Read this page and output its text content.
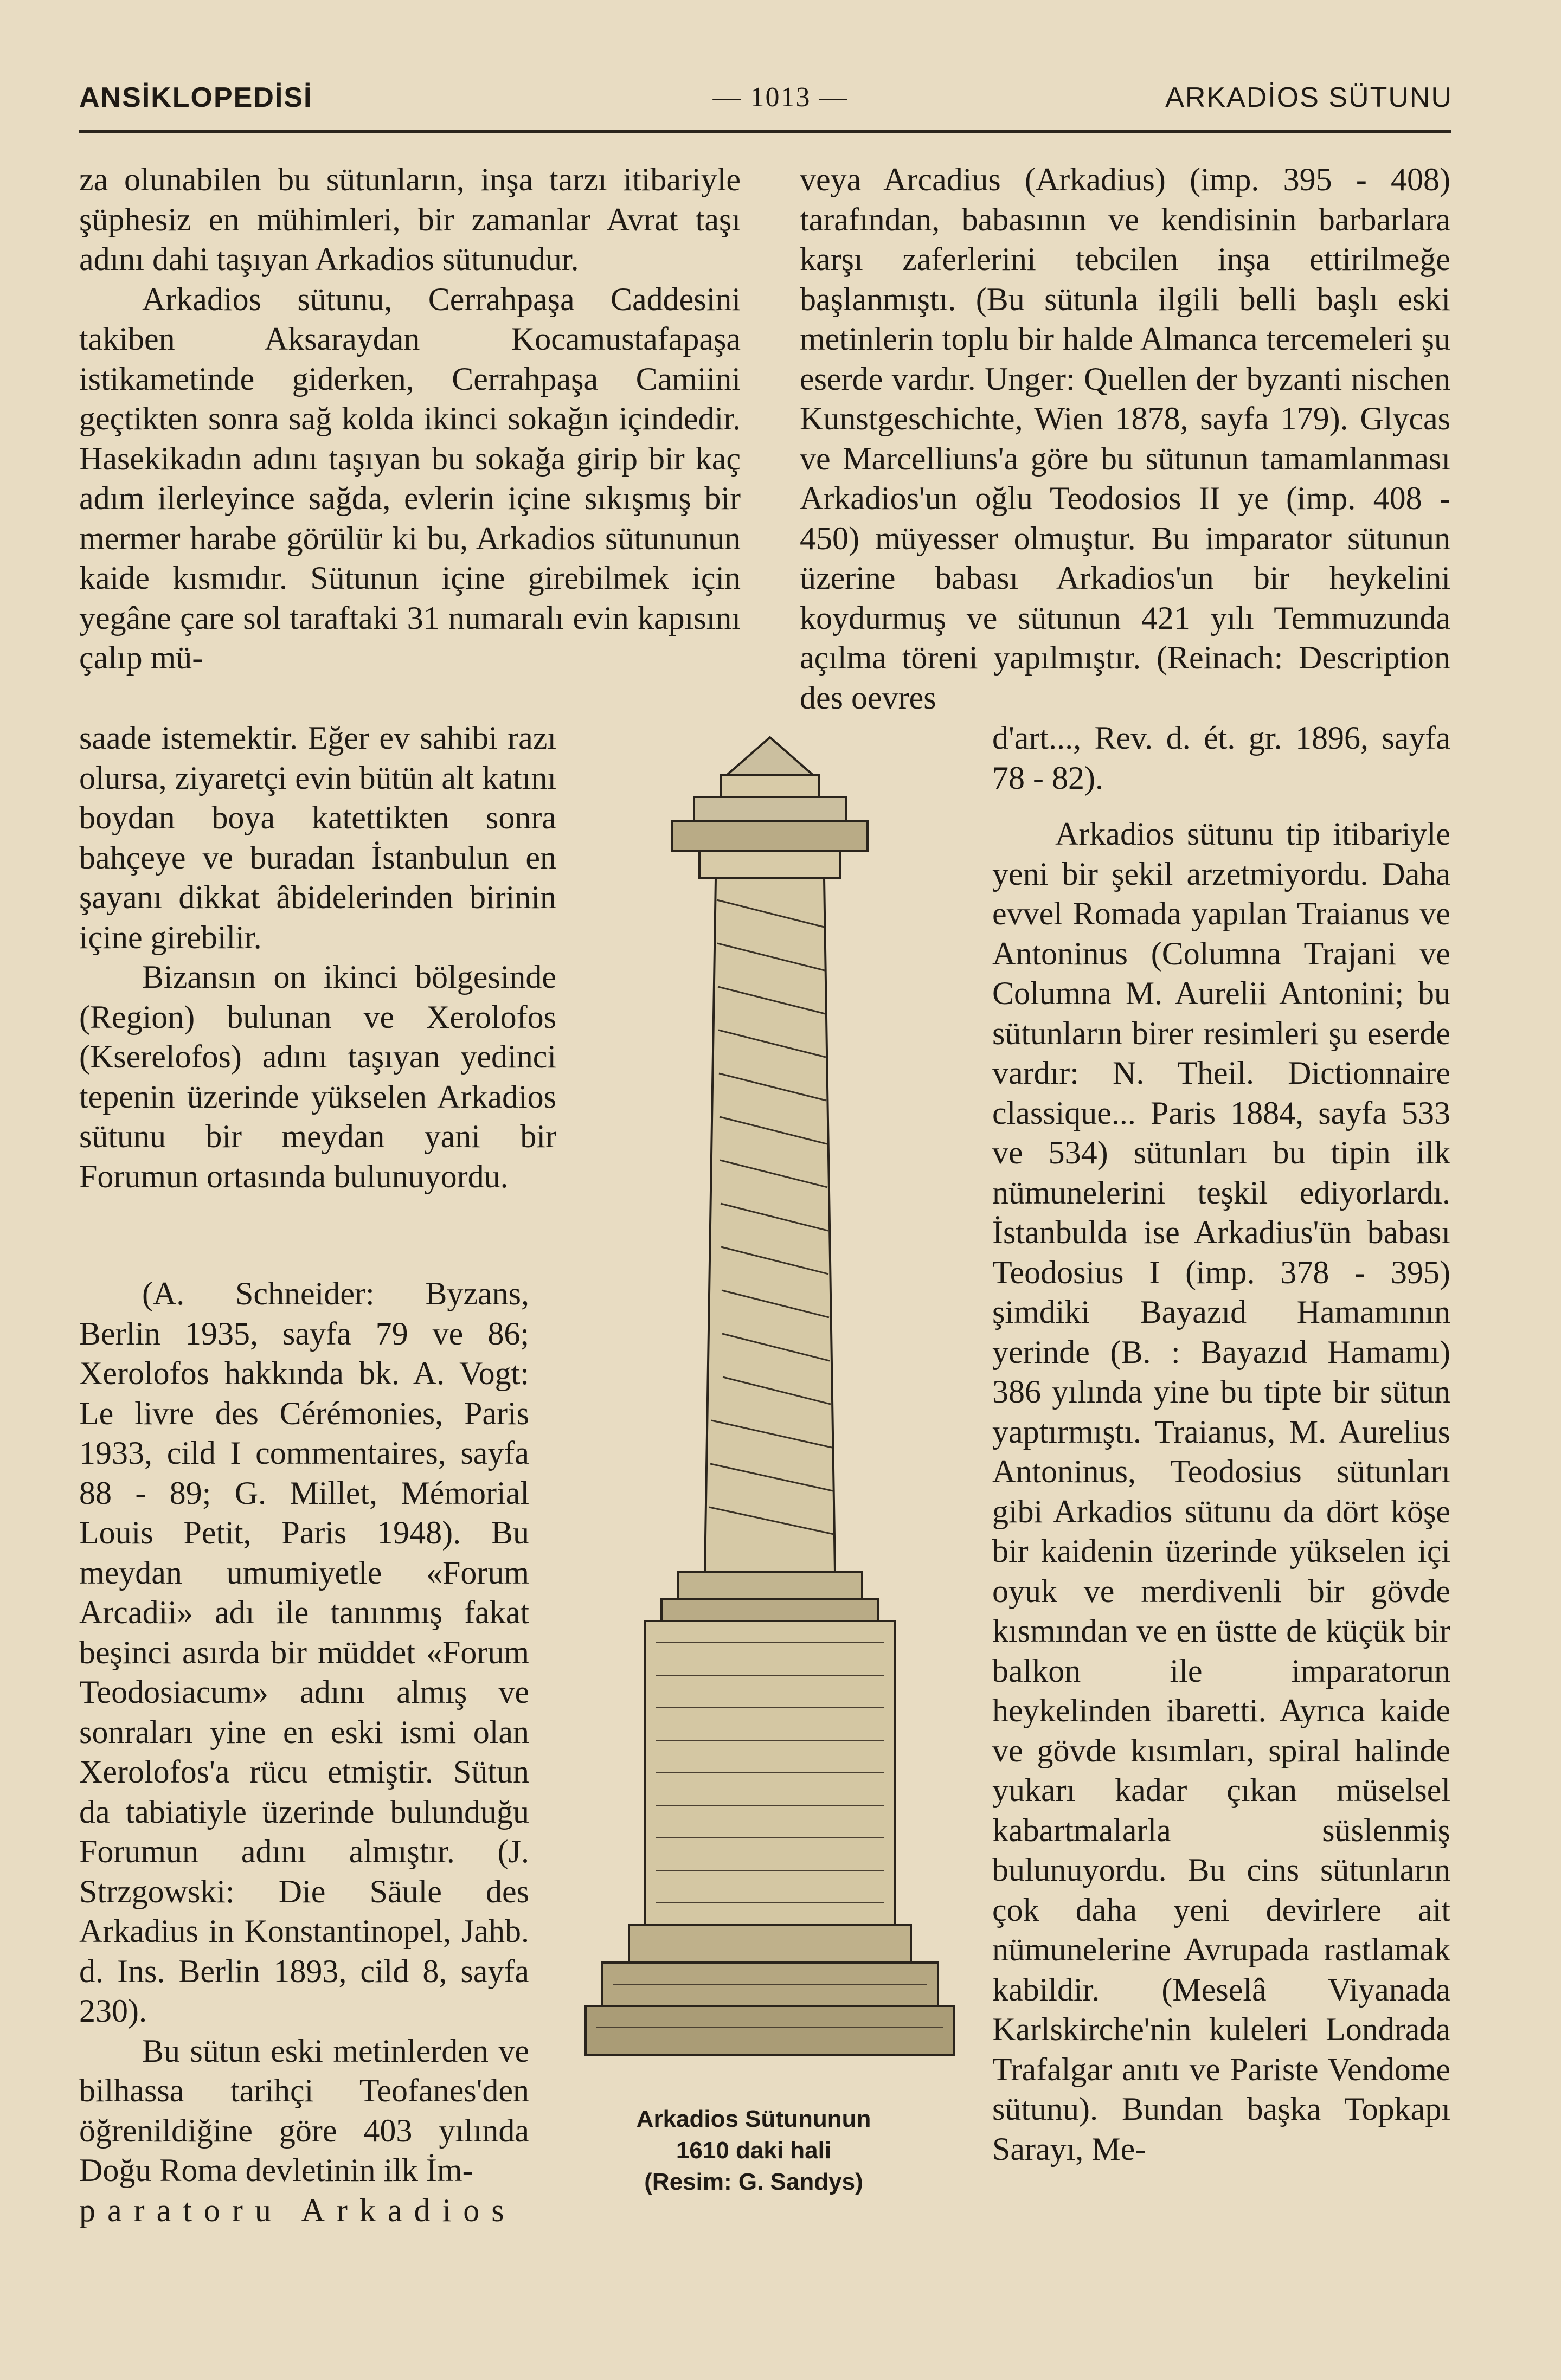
ANSİKLOPEDİSİ	— 1013 —	ARKADİOS SÜTUNU

za olunabilen bu sütunların, inşa tarzı itibariyle şüphesiz en mühimleri, bir zamanlar Avrat taşı adını dahi taşıyan Arkadios sütunudur.

Arkadios sütunu, Cerrahpaşa Caddesini takiben Aksaraydan Kocamustafapaşa istikametinde giderken, Cerrahpaşa Camiini geçtikten sonra sağ kolda ikinci sokağın içindedir. Hasekikadın adını taşıyan bu sokağa girip bir kaç adım ilerleyince sağda, evlerin içine sıkışmış bir mermer harabe görülür ki bu, Arkadios sütununun kaide kısmıdır. Sütunun içine girebilmek için yegâne çare sol taraftaki 31 numaralı evin kapısını çalıp mü-

saade istemektir. Eğer ev sahibi razı olursa, ziyaretçi evin bütün alt katını boydan boya katettikten sonra bahçeye ve buradan İstanbulun en şayanı dikkat âbidelerinden birinin içine girebilir.

Bizansın on ikinci bölgesinde (Region) bulunan ve Xerolofos (Kserelofos) adını taşıyan yedinci tepenin üzerinde yükselen Arkadios sütunu bir meydan yani bir Forumun ortasında bulunuyordu.

(A. Schneider: Byzans, Berlin 1935, sayfa 79 ve 86; Xerolofos hakkında bk. A. Vogt: Le livre des Cérémonies, Paris 1933, cild I commentaires, sayfa 88 - 89; G. Millet, Mémorial Louis Petit, Paris 1948). Bu meydan umumiyetle «Forum Arcadii» adı ile tanınmış fakat beşinci asırda bir müddet «Forum Teodosiacum» adını almış ve sonraları yine en eski ismi olan Xerolofos'a rücu etmiştir. Sütun da tabiatiyle üzerinde bulunduğu Forumun adını almıştır. (J. Strzgowski: Die Säule des Arkadius in Konstantinopel, Jahb. d. Ins. Berlin 1893, cild 8, sayfa 230).

Bu sütun eski metinlerden ve bilhassa tarihçi Teofanes'den öğrenildiğine göre 403 yılında Doğu Roma devletinin ilk İm-

paratoru Arkadios

veya Arcadius (Arkadius) (imp. 395 - 408) tarafından, babasının ve kendisinin barbarlara karşı zaferlerini tebcilen inşa ettirilmeğe başlanmıştı. (Bu sütunla ilgili belli başlı eski metinlerin toplu bir halde Almanca tercemeleri şu eserde vardır. Unger: Quellen der byzanti nischen Kunstgeschichte, Wien 1878, sayfa 179). Glycas ve Marcelliuns'a göre bu sütunun tamamlanması Arkadios'un oğlu Teodosios II ye (imp. 408 - 450) müyesser olmuştur. Bu imparator sütunun üzerine babası Arkadios'un bir heykelini koydurmuş ve sütunun 421 yılı Temmuzunda açılma töreni yapılmıştır. (Reinach: Description des oevres

d'art..., Rev. d. ét. gr. 1896, sayfa 78 - 82).

Arkadios sütunu tip itibariyle yeni bir şekil arzetmiyordu. Daha evvel Romada yapılan Traianus ve Antoninus (Columna Trajani ve Columna M. Aurelii Antonini; bu sütunların birer resimleri şu eserde vardır: N. Theil. Dictionnaire classique... Paris 1884, sayfa 533 ve 534) sütunları bu tipin ilk nümunelerini teşkil ediyorlardı. İstanbulda ise Arkadius'ün babası Teodosius I (imp. 378 - 395) şimdiki Bayazıd Hamamının yerinde (B. : Bayazıd Hamamı) 386 yılında yine bu tipte bir sütun yaptırmıştı. Traianus, M. Aurelius Antoninus, Teodosius sütunları gibi Arkadios sütunu da dört köşe bir kaidenin üzerinde yükselen içi oyuk ve merdivenli bir gövde kısmından ve en üstte de küçük bir balkon ile imparatorun heykelinden ibaretti. Ayrıca kaide ve gövde kısımları, spiral halinde yukarı kadar çıkan müselsel kabartmalarla süslenmiş bulunuyordu. Bu cins sütunların çok daha yeni devirlere ait nümunelerine Avrupada rastlamak kabildir. (Meselâ Viyanada Karlskirche'nin kuleleri Londrada Trafalgar anıtı ve Pariste Vendome sütunu). Bundan başka Topkapı Sarayı, Me-

Arkadios Sütununun
1610 daki hali
(Resim: G. Sandys)
